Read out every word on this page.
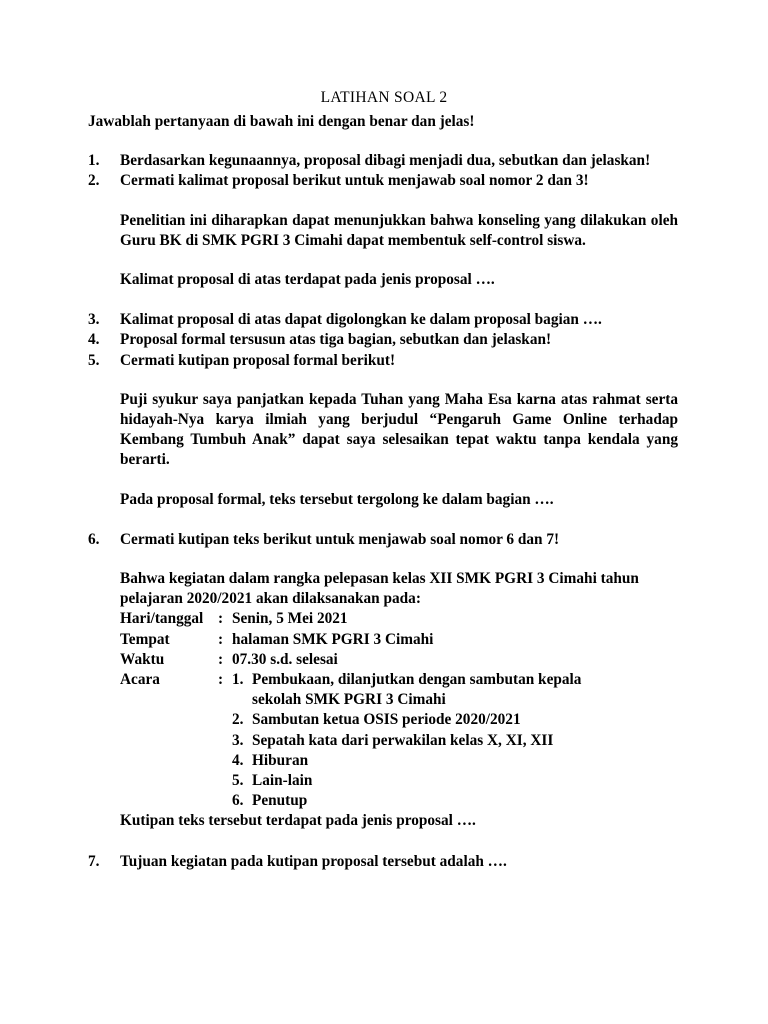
LATIHAN SOAL 2

Jawablah pertanyaan di bawah ini dengan benar dan jelas!

1.	Berdasarkan kegunaannya, proposal dibagi menjadi dua, sebutkan dan jelaskan!
2.	Cermati kalimat proposal berikut untuk menjawab soal nomor 2 dan 3!
Penelitian ini diharapkan dapat menunjukkan bahwa konseling yang dilakukan oleh Guru BK di SMK PGRI 3 Cimahi dapat membentuk self-control siswa.
Kalimat proposal di atas terdapat pada jenis proposal ….
3.	Kalimat proposal di atas dapat digolongkan ke dalam proposal bagian ….
4.	Proposal formal tersusun atas tiga bagian, sebutkan dan jelaskan!
5.	Cermati kutipan proposal formal berikut!
Puji syukur saya panjatkan kepada Tuhan yang Maha Esa karna atas rahmat serta hidayah-Nya karya ilmiah yang berjudul “Pengaruh Game Online terhadap Kembang Tumbuh Anak” dapat saya selesaikan tepat waktu tanpa kendala yang berarti.
Pada proposal formal, teks tersebut tergolong ke dalam bagian ….
6.	Cermati kutipan teks berikut untuk menjawab soal nomor 6 dan 7!
Bahwa kegiatan dalam rangka pelepasan kelas XII SMK PGRI 3 Cimahi tahun pelajaran 2020/2021 akan dilaksanakan pada:
Hari/tanggal : Senin, 5 Mei 2021
Tempat	: halaman SMK PGRI 3 Cimahi
Waktu	: 07.30 s.d. selesai
Acara	: 1. Pembukaan, dilanjutkan dengan sambutan kepala
sekolah SMK PGRI 3 Cimahi
2. Sambutan ketua OSIS periode 2020/2021
3. Sepatah kata dari perwakilan kelas X, XI, XII
4. Hiburan
5. Lain-lain
6. Penutup
Kutipan teks tersebut terdapat pada jenis proposal ….
7.	Tujuan kegiatan pada kutipan proposal tersebut adalah ….
